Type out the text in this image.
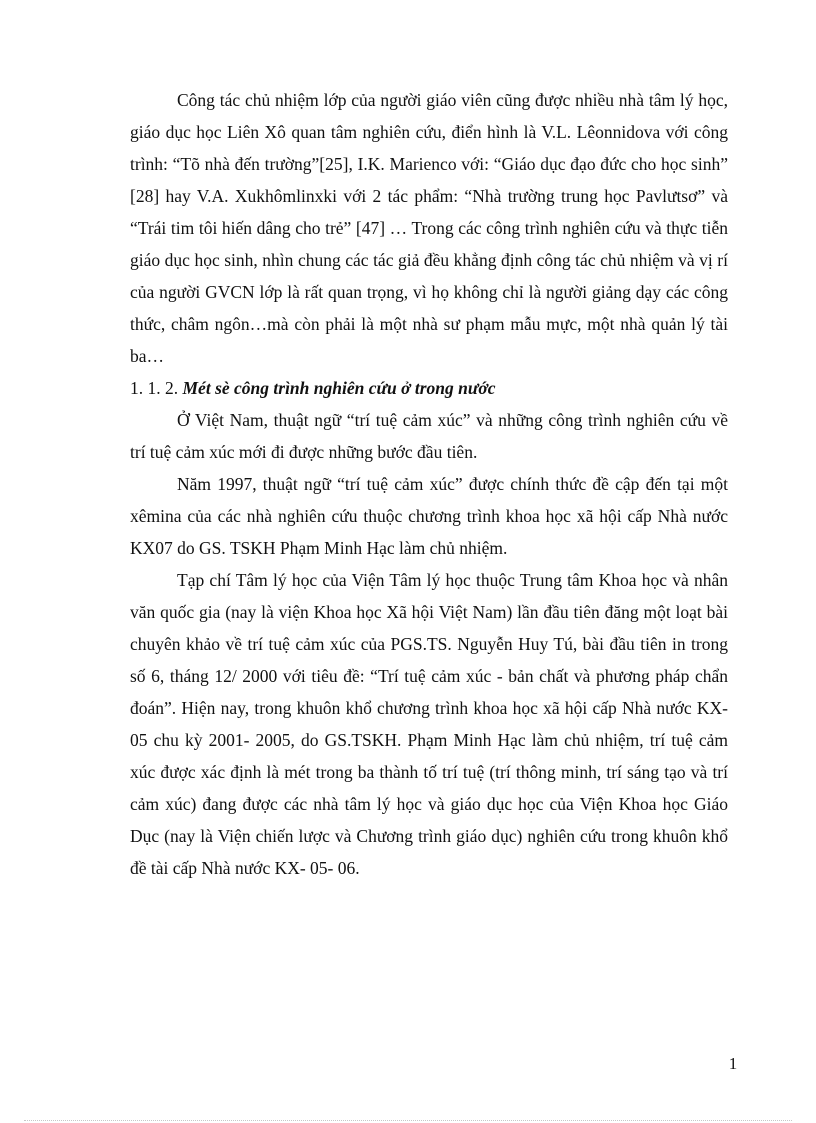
Công tác chủ nhiệm lớp của người giáo viên cũng được nhiều nhà tâm lý học, giáo dục học Liên Xô quan tâm nghiên cứu, điển hình là V.L. Lêonnidova với công trình: “Tõ nhà đến trường”[25], I.K. Marienco với: “Giáo dục đạo đức cho học sinh” [28] hay V.A. Xukhômlinxki với 2 tác phẩm: “Nhà trường trung học Pavlưtsơ” và “Trái tim tôi hiến dâng cho trẻ” [47] … Trong các công trình nghiên cứu và thực tiễn giáo dục học sinh, nhìn chung các tác giả đều khẳng định công tác chủ nhiệm và vị rí của người GVCN lớp là rất quan trọng, vì họ không chỉ là người giảng dạy các công thức, châm ngôn…mà còn phải là một nhà sư phạm mẫu mực, một nhà quản lý tài ba…

1. 1. 2. Mét sè công trình nghiên cứu ở trong nước

Ở Việt Nam, thuật ngữ “trí tuệ cảm xúc” và những công trình nghiên cứu về trí tuệ cảm xúc mới đi được những bước đầu tiên.

Năm 1997, thuật ngữ “trí tuệ cảm xúc” được chính thức đề cập đến tại một xêmina của các nhà nghiên cứu thuộc chương trình khoa học xã hội cấp Nhà nước KX07 do GS. TSKH Phạm Minh Hạc làm chủ nhiệm.

Tạp chí Tâm lý học của Viện Tâm lý học thuộc Trung tâm Khoa học và nhân văn quốc gia (nay là viện Khoa học Xã hội Việt Nam) lần đầu tiên đăng một loạt bài chuyên khảo về trí tuệ cảm xúc của PGS.TS. Nguyễn Huy Tú, bài đầu tiên in trong số 6, tháng 12/ 2000 với tiêu đề: “Trí tuệ cảm xúc - bản chất và phương pháp chẩn đoán”. Hiện nay, trong khuôn khổ chương trình khoa học xã hội cấp Nhà nước KX- 05 chu kỳ 2001- 2005, do GS.TSKH. Phạm Minh Hạc làm chủ nhiệm, trí tuệ cảm xúc được xác định là mét trong ba thành tố trí tuệ (trí thông minh, trí sáng tạo và trí cảm xúc) đang được các nhà tâm lý học và giáo dục học của Viện Khoa học Giáo Dục (nay là Viện chiến lược và Chương trình giáo dục) nghiên cứu trong khuôn khổ đề tài cấp Nhà nước KX- 05- 06.

1
